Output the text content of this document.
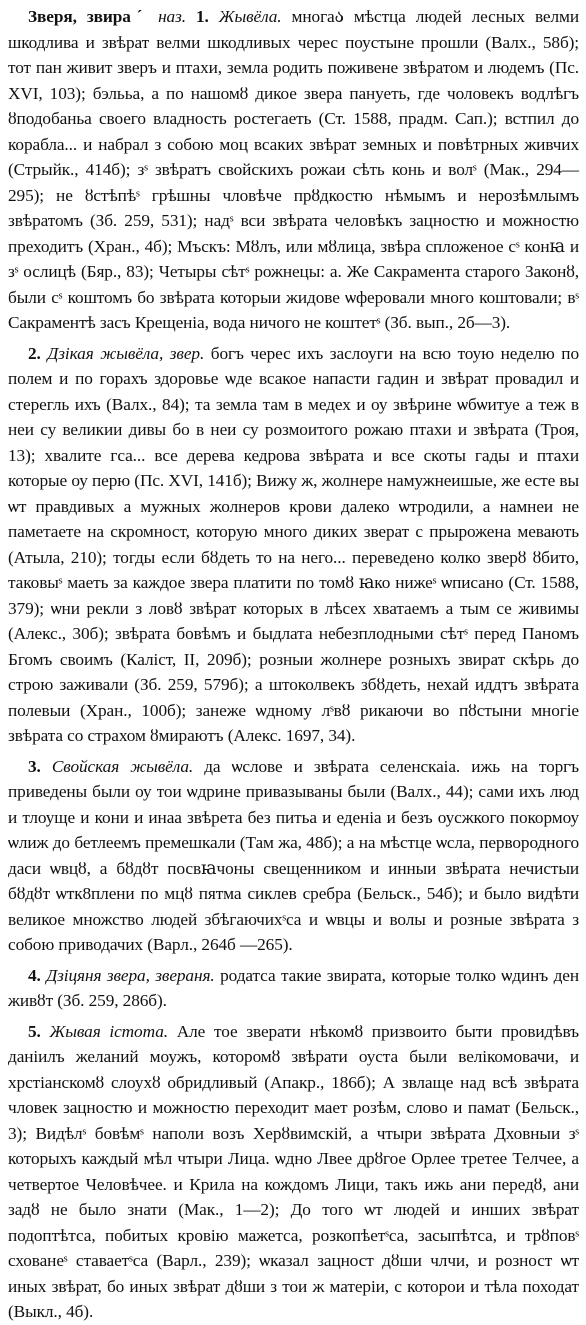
Зверя, звираˊ наз. 1. Жывёла. многаა мѣстца людей лесных велми шкодлива и звѣрат велми шкодливых черес поустыне прошли (Валх., 58б); тот пан живит зверъ и птахи, земла родить поживене звѣратом и людемъ (Пс. XVI, 103); бэлььа, а по нашомȣ дикое звера пануеть, где чоловекъ водлѣгъ ȣподобаньа своего владность ростегаеть (Ст. 1588, прадм. Сап.); встпил до корабла... и набрал з собою моц всаких звѣрат земных и повѣтрных живчих (Стрыйк., 414б); зˢ звѣратъ свойскихъ рожаи сѣть конь и волˢ (Мак., 294—295); не ȣстѣпѣˢ грѣшны чловѣче прȣдкостю нѣмымъ и нерозѣмлымъ звѣратомъ (Зб. 259, 531); надˢ вси звѣрата человѣкъ зацностю и можностю преходитъ (Хран., 4б); Мъскъ: Мȣлъ, или мȣлица, звѣра спложеное сˢ конꙗ и зˢ ослицѣ (Бяр., 83); Четыры сѣтˢ рожнецы: а. Же Сакрамента старого Законȣ, были сˢ коштомъ бо звѣрата которыи жидове ѡферовали много коштовали; вˢ Сакраментѣ засъ Крещеніа, вода ничого не коштетˢ (Зб. вып., 2б—3).

2. Дзікая жывёла, звер. богъ черес ихъ заслоуги на всю тоую неделю по полем и по горахъ здоровье ѡде всакое напасти гадин и звѣрат провадил и стерегль ихъ (Валх., 84); та земла там в медех и оу звѣрине ѡбѡитуе а теж в неи су великии дивы бо в неи су розмоитого рожаю птахи и звѣрата (Троя, 13); хвалите гса... все дерева кедрова звѣрата и все скоты гады и птахи которые оу перю (Пс. XVI, 141б); Вижу ж, жолнере намужнеишые, же есте вы ѡт правдивых а мужных жолнеров крови далеко ѡтродили, а намнеи не паметаете на скромност, которую много диких зверат с прырожена мевають (Атыла, 210); тогды если бȣдеть то на него... переведено колко зверȣ ȣбито, таковыˢ маеть за каждое звера платити по томȣ ꙗко нижеˢ ѡписано (Ст. 1588, 379); ѡни рекли з ловȣ звѣрат которых в лѣсех хватаемъ а тым се живимы (Алекс., 30б); звѣрата бовѣмъ и быдлата небезплодными сѣтˢ перед Паномъ Бгомъ своимъ (Каліст, II, 209б); розныи жолнере розныхъ звират скѣрь до строю заживали (Зб. 259, 579б); а штоколвекъ збȣдеть, нехай иддтъ звѣрата полевыи (Хран., 100б); занеже ѡдному лˢвȣ рикаючи во пȣстыни многіе звѣрата со страхом ȣмираютъ (Алекс. 1697, 34).

3. Свойская жывёла. да ѡслове и звѣрата селенскаіа. ижь на торгъ приведены были оу тои ѡдрине привазываны были (Валх., 44); сами ихъ люд и тлоуще и кони и инаа звѣрета без питьа и еденіа и безъ оусжкого покормоу ѡлиж до бетлеемъ премешкали (Там жа, 48б); а на мѣстце ѡсла, первородного даси ѡвцȣ, а бȣдȣт посвꙗчоны свещенником и инныи звѣрата нечистыи бȣдȣт ѡтк8плени по мцȣ пятма сиклев сребра (Бельск., 54б); и было видѣти великое множство людей збѣгаючихˢса и ѡвцы и волы и розные звѣрата з собою приводачих (Варл., 264б —265).

4. Дзіцяня звера, зверaня. родатса такие звирата, которые толко ѡдинъ ден живȣт (Зб. 259, 286б).

5. Жывая істота. Але тое зверати нѣкомȣ призвоито быти провидѣвъ даніилъ желаний моужъ, которомȣ звѣрати оуста были велікомовачи, и хрстіанскомȣ слоухȣ обридливый (Апакр., 186б); А звлаще над всѣ звѣрата чловек зацностю и можностю переходит мает розѣм, слово и памат (Бельск., 3); Видѣлˢ бовѣмˢ наполи возъ Херȣвимскій, а чтыри звѣрата Дховныи зˢ которыхъ каждый мѣл чтыри Лица. ѡдно Лвее дрȣгое Орлее третее Телчее, а четвертое Человѣчее. и Крила на кождомъ Лици, такъ ижь ани передȣ, ани задȣ не было знати (Мак., 1—2); До того ѡт людей и инших звѣрат подоптѣтса, побитых кровію мажетса, розкопѣетˢса, засыпѣтса, и трȣповˢ схованеˢ ставаетˢса (Варл., 239); ѡказал зацност дȣши члчи, и розност ѡт иных звѣрат, бо иных звѣрат дȣши з тои ж матеріи, с которои и тѣла походат (Выкл., 4б).
